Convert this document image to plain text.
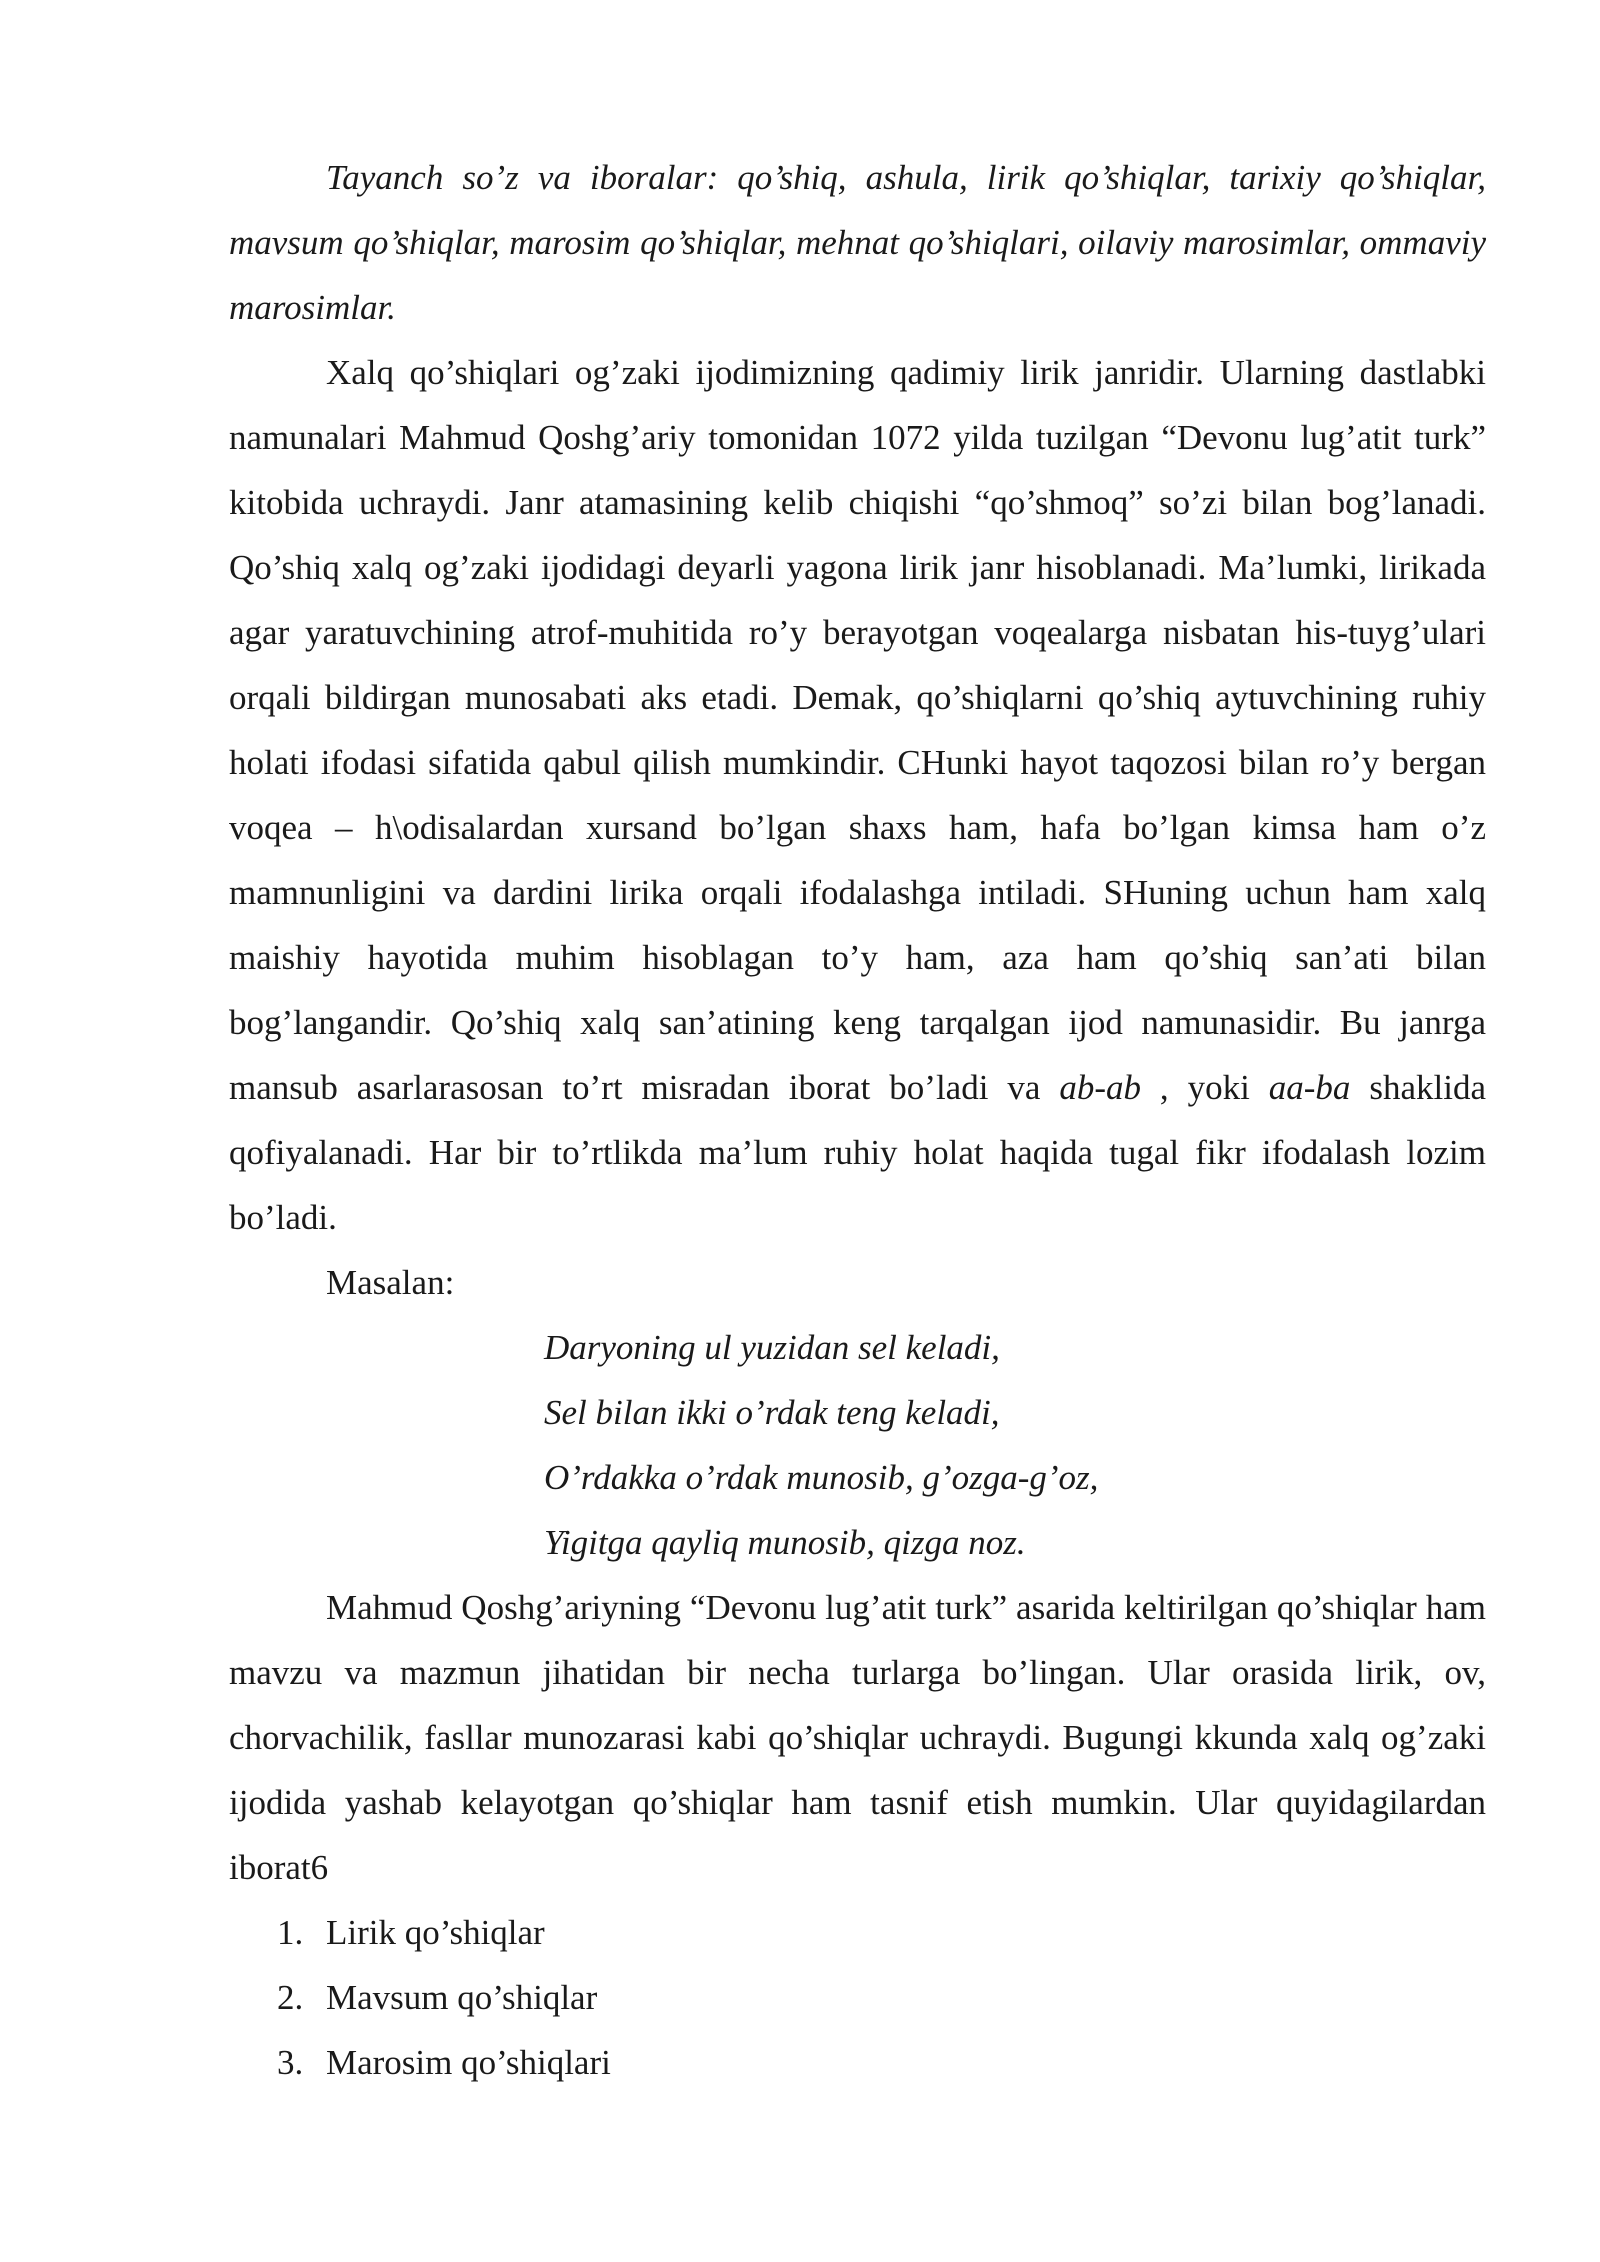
Tayanch so’z va iboralar: qo’shiq, ashula, lirik qo’shiqlar, tarixiy qo’shiqlar, mavsum qo’shiqlar, marosim qo’shiqlar, mehnat qo’shiqlari, oilaviy marosimlar, ommaviy marosimlar.

Xalq qo’shiqlari og’zaki ijodimizning qadimiy lirik janridir. Ularning dastlabki namunalari Mahmud Qoshg’ariy tomonidan 1072 yilda tuzilgan “Devonu lug’atit turk” kitobida uchraydi. Janr atamasining kelib chiqishi “qo’shmoq” so’zi bilan bog’lanadi. Qo’shiq xalq og’zaki ijodidagi deyarli yagona lirik janr hisoblanadi. Ma’lumki, lirikada agar yaratuvchining atrof-muhitida ro’y berayotgan voqealarga nisbatan his-tuyg’ulari orqali bildirgan munosabati aks etadi. Demak, qo’shiqlarni qo’shiq aytuvchining ruhiy holati ifodasi sifatida qabul qilish mumkindir. CHunki hayot taqozosi bilan ro’y bergan voqea – h\odisalardan xursand bo’lgan shaxs ham, hafa bo’lgan kimsa ham o’z mamnunligini va dardini lirika orqali ifodalashga intiladi. SHuning uchun ham xalq maishiy hayotida muhim hisoblagan to’y ham, aza ham qo’shiq san’ati bilan bog’langandir. Qo’shiq xalq san’atining keng tarqalgan ijod namunasidir. Bu janrga mansub asarlarasosan to’rt misradan iborat bo’ladi va ab-ab , yoki aa-ba shaklida qofiyalanadi. Har bir to’rtlikda ma’lum ruhiy holat haqida tugal fikr ifodalash lozim bo’ladi.

Masalan:

Daryoning ul yuzidan sel keladi,
Sel bilan ikki o’rdak teng keladi,
O’rdakka o’rdak munosib, g’ozga-g’oz,
Yigitga qayliq munosib, qizga noz.

Mahmud Qoshg’ariyning “Devonu lug’atit turk” asarida keltirilgan qo’shiqlar ham mavzu va mazmun jihatidan bir necha turlarga bo’lingan. Ular orasida lirik, ov, chorvachilik, fasllar munozarasi kabi qo’shiqlar uchraydi. Bugungi kkunda xalq og’zaki ijodida yashab kelayotgan qo’shiqlar ham tasnif etish mumkin. Ular quyidagilardan iborat6

1. Lirik qo’shiqlar
2. Mavsum qo’shiqlar
3. Marosim qo’shiqlari
